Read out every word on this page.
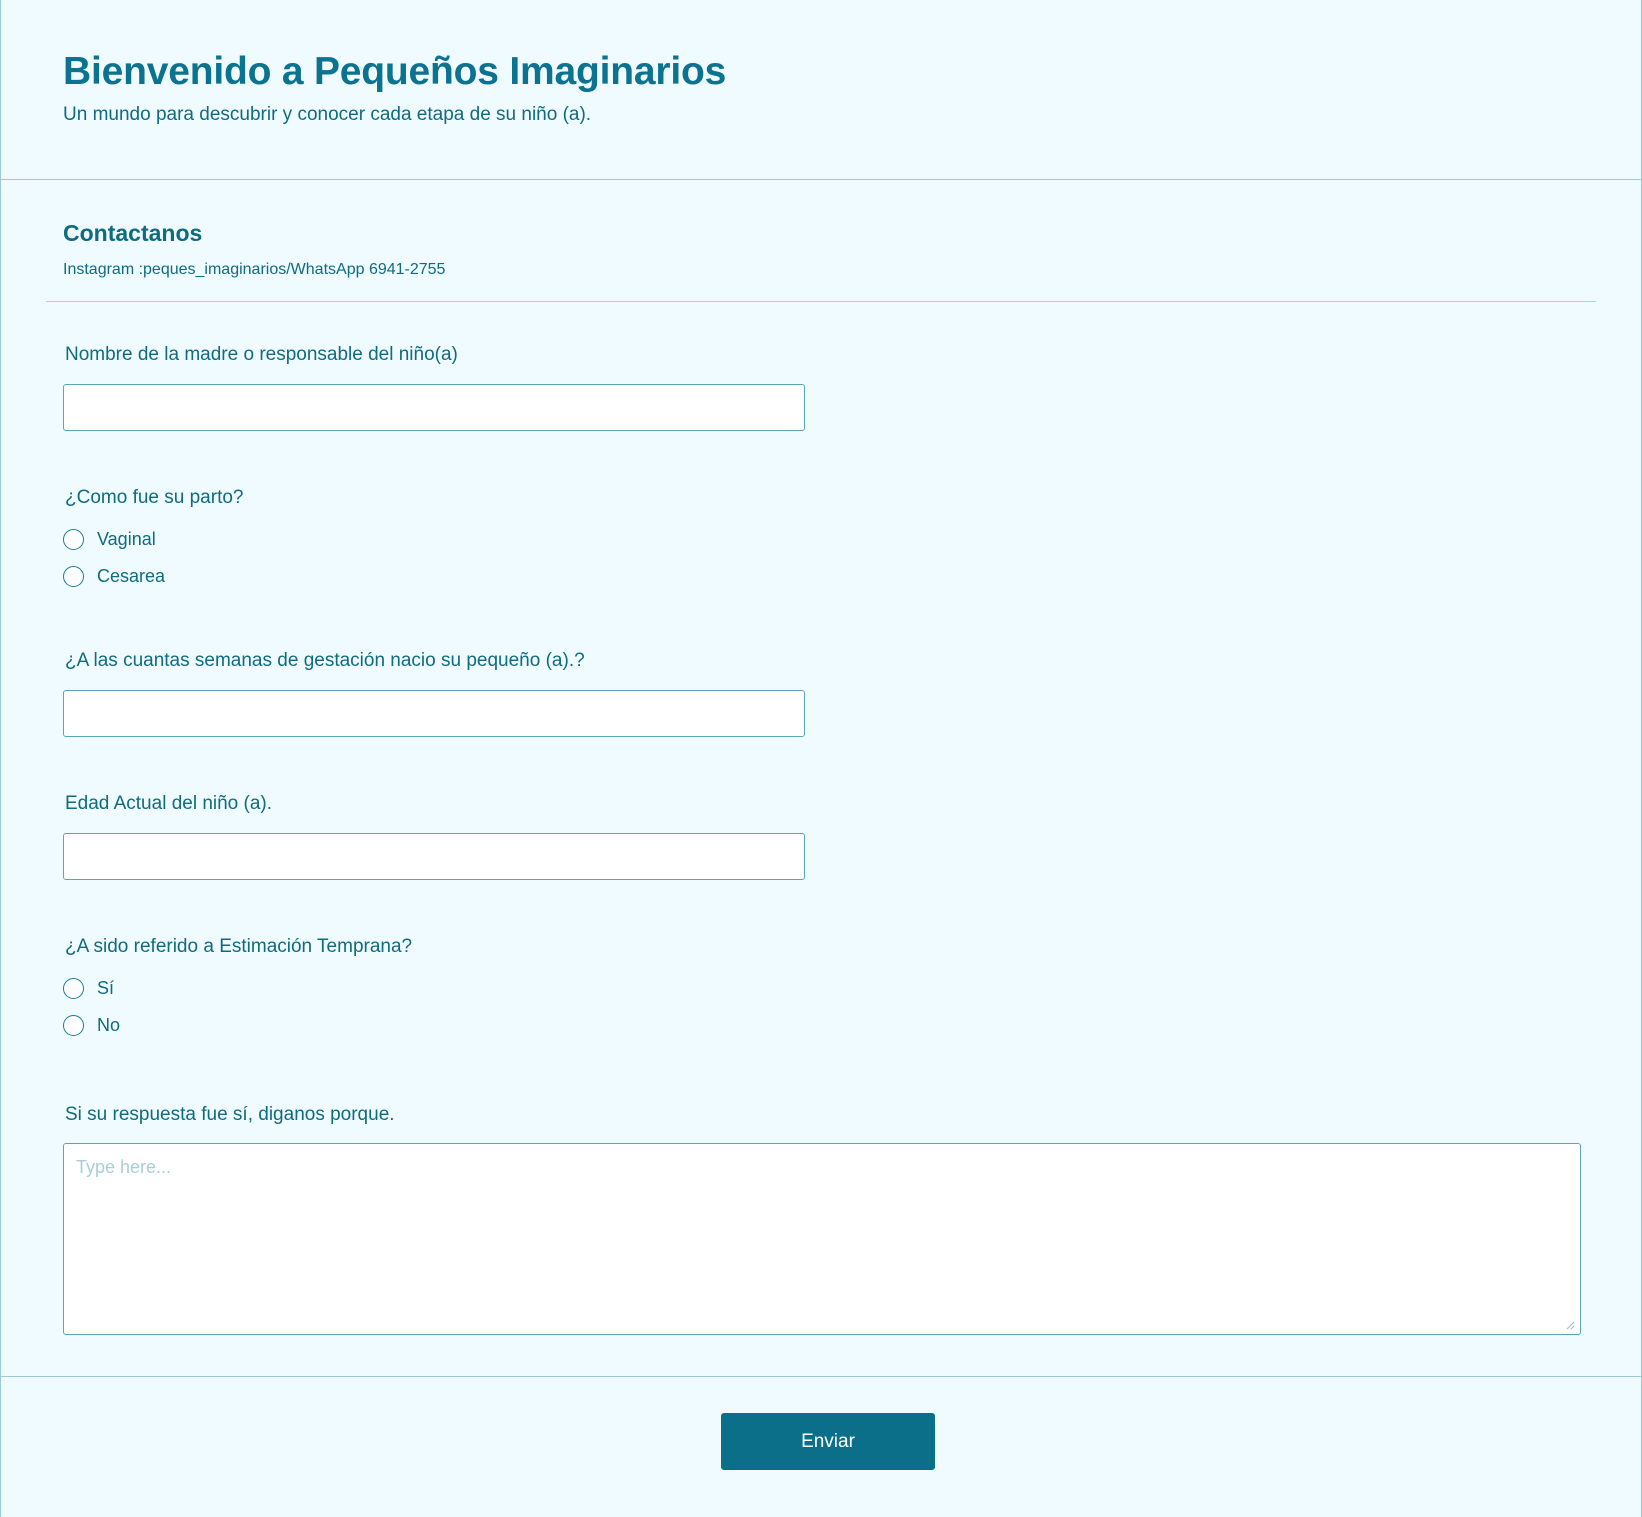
Bienvenido a Pequeños Imaginarios
Un mundo para descubrir y conocer cada etapa de su niño (a).
Contactanos
Instagram :peques_imaginarios/WhatsApp 6941-2755
Nombre de la madre o responsable del niño(a)
¿Como fue su parto?
Vaginal
Cesarea
¿A las cuantas semanas de gestación nacio su pequeño (a).?
Edad Actual del niño (a).
¿A sido referido a Estimación Temprana?
Sí
No
Si su respuesta fue sí, diganos porque.
Type here...
Enviar
